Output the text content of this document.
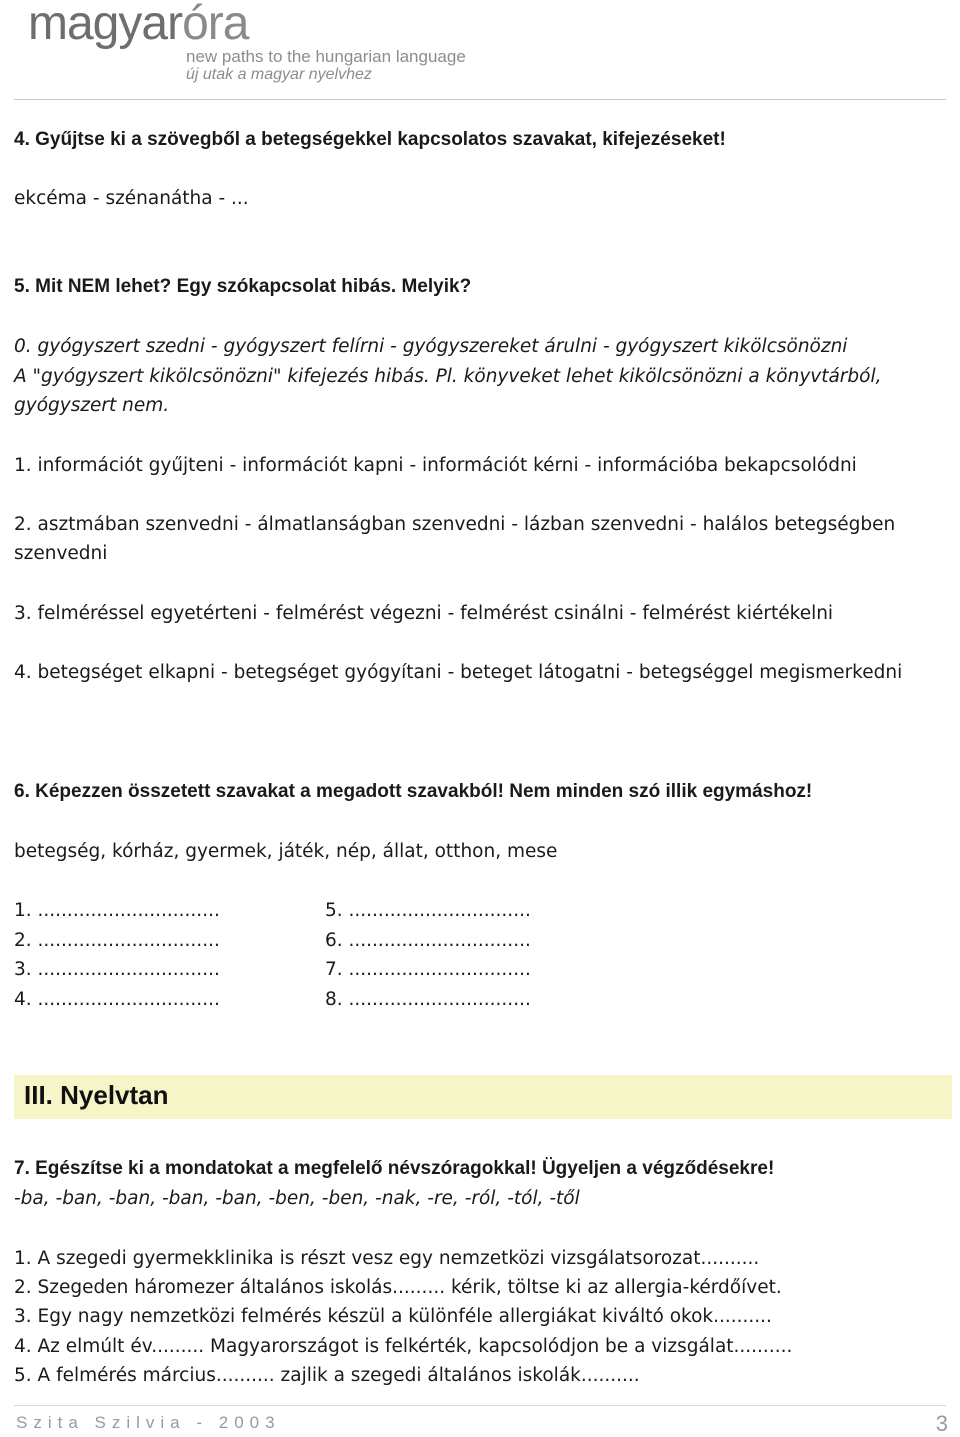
magyaróra
new paths to the hungarian language
új utak a magyar nyelvhez

4. Gyűjtse ki a szövegből a betegségekkel kapcsolatos szavakat, kifejezéseket!

ekcéma - szénanátha - ...

5. Mit NEM lehet? Egy szókapcsolat hibás. Melyik?

0. gyógyszert szedni - gyógyszert felírni - gyógyszereket árulni - gyógyszert kikölcsönözni

A "gyógyszert kikölcsönözni" kifejezés hibás. Pl. könyveket lehet kikölcsönözni a könyvtárból, gyógyszert nem.

1. információt gyűjteni - információt kapni - információt kérni - információba bekapcsolódni

2. asztmában szenvedni - álmatlanságban szenvedni - lázban szenvedni - halálos betegségben szenvedni

3. felméréssel egyetérteni - felmérést végezni - felmérést csinálni - felmérést kiértékelni

4. betegséget elkapni - betegséget gyógyítani - beteget látogatni - betegséggel megismerkedni

6. Képezzen összetett szavakat a megadott szavakból! Nem minden szó illik egymáshoz!

betegség, kórház, gyermek, játék, nép, állat, otthon, mese

1. ...............................
2. ...............................
3. ...............................
4. ...............................
5. ...............................
6. ...............................
7. ...............................
8. ...............................
III. Nyelvtan

7. Egészítse ki a mondatokat a megfelelő névszóragokkal! Ügyeljen a végződésekre!

-ba, -ban, -ban, -ban, -ban, -ben, -ben, -nak, -re, -ról, -tól, -től

1. A szegedi gyermekklinika is részt vesz egy nemzetközi vizsgálatsorozat..........

2. Szegeden háromezer általános iskolás......... kérik, töltse ki az allergia-kérdőívet.

3. Egy nagy nemzetközi felmérés készül a különféle allergiákat kiváltó okok..........

4. Az elmúlt év......... Magyarországot is felkérték, kapcsolódjon be a vizsgálat..........

5. A felmérés március.......... zajlik a szegedi általános iskolák..........

Szita Szilvia - 2003	3
